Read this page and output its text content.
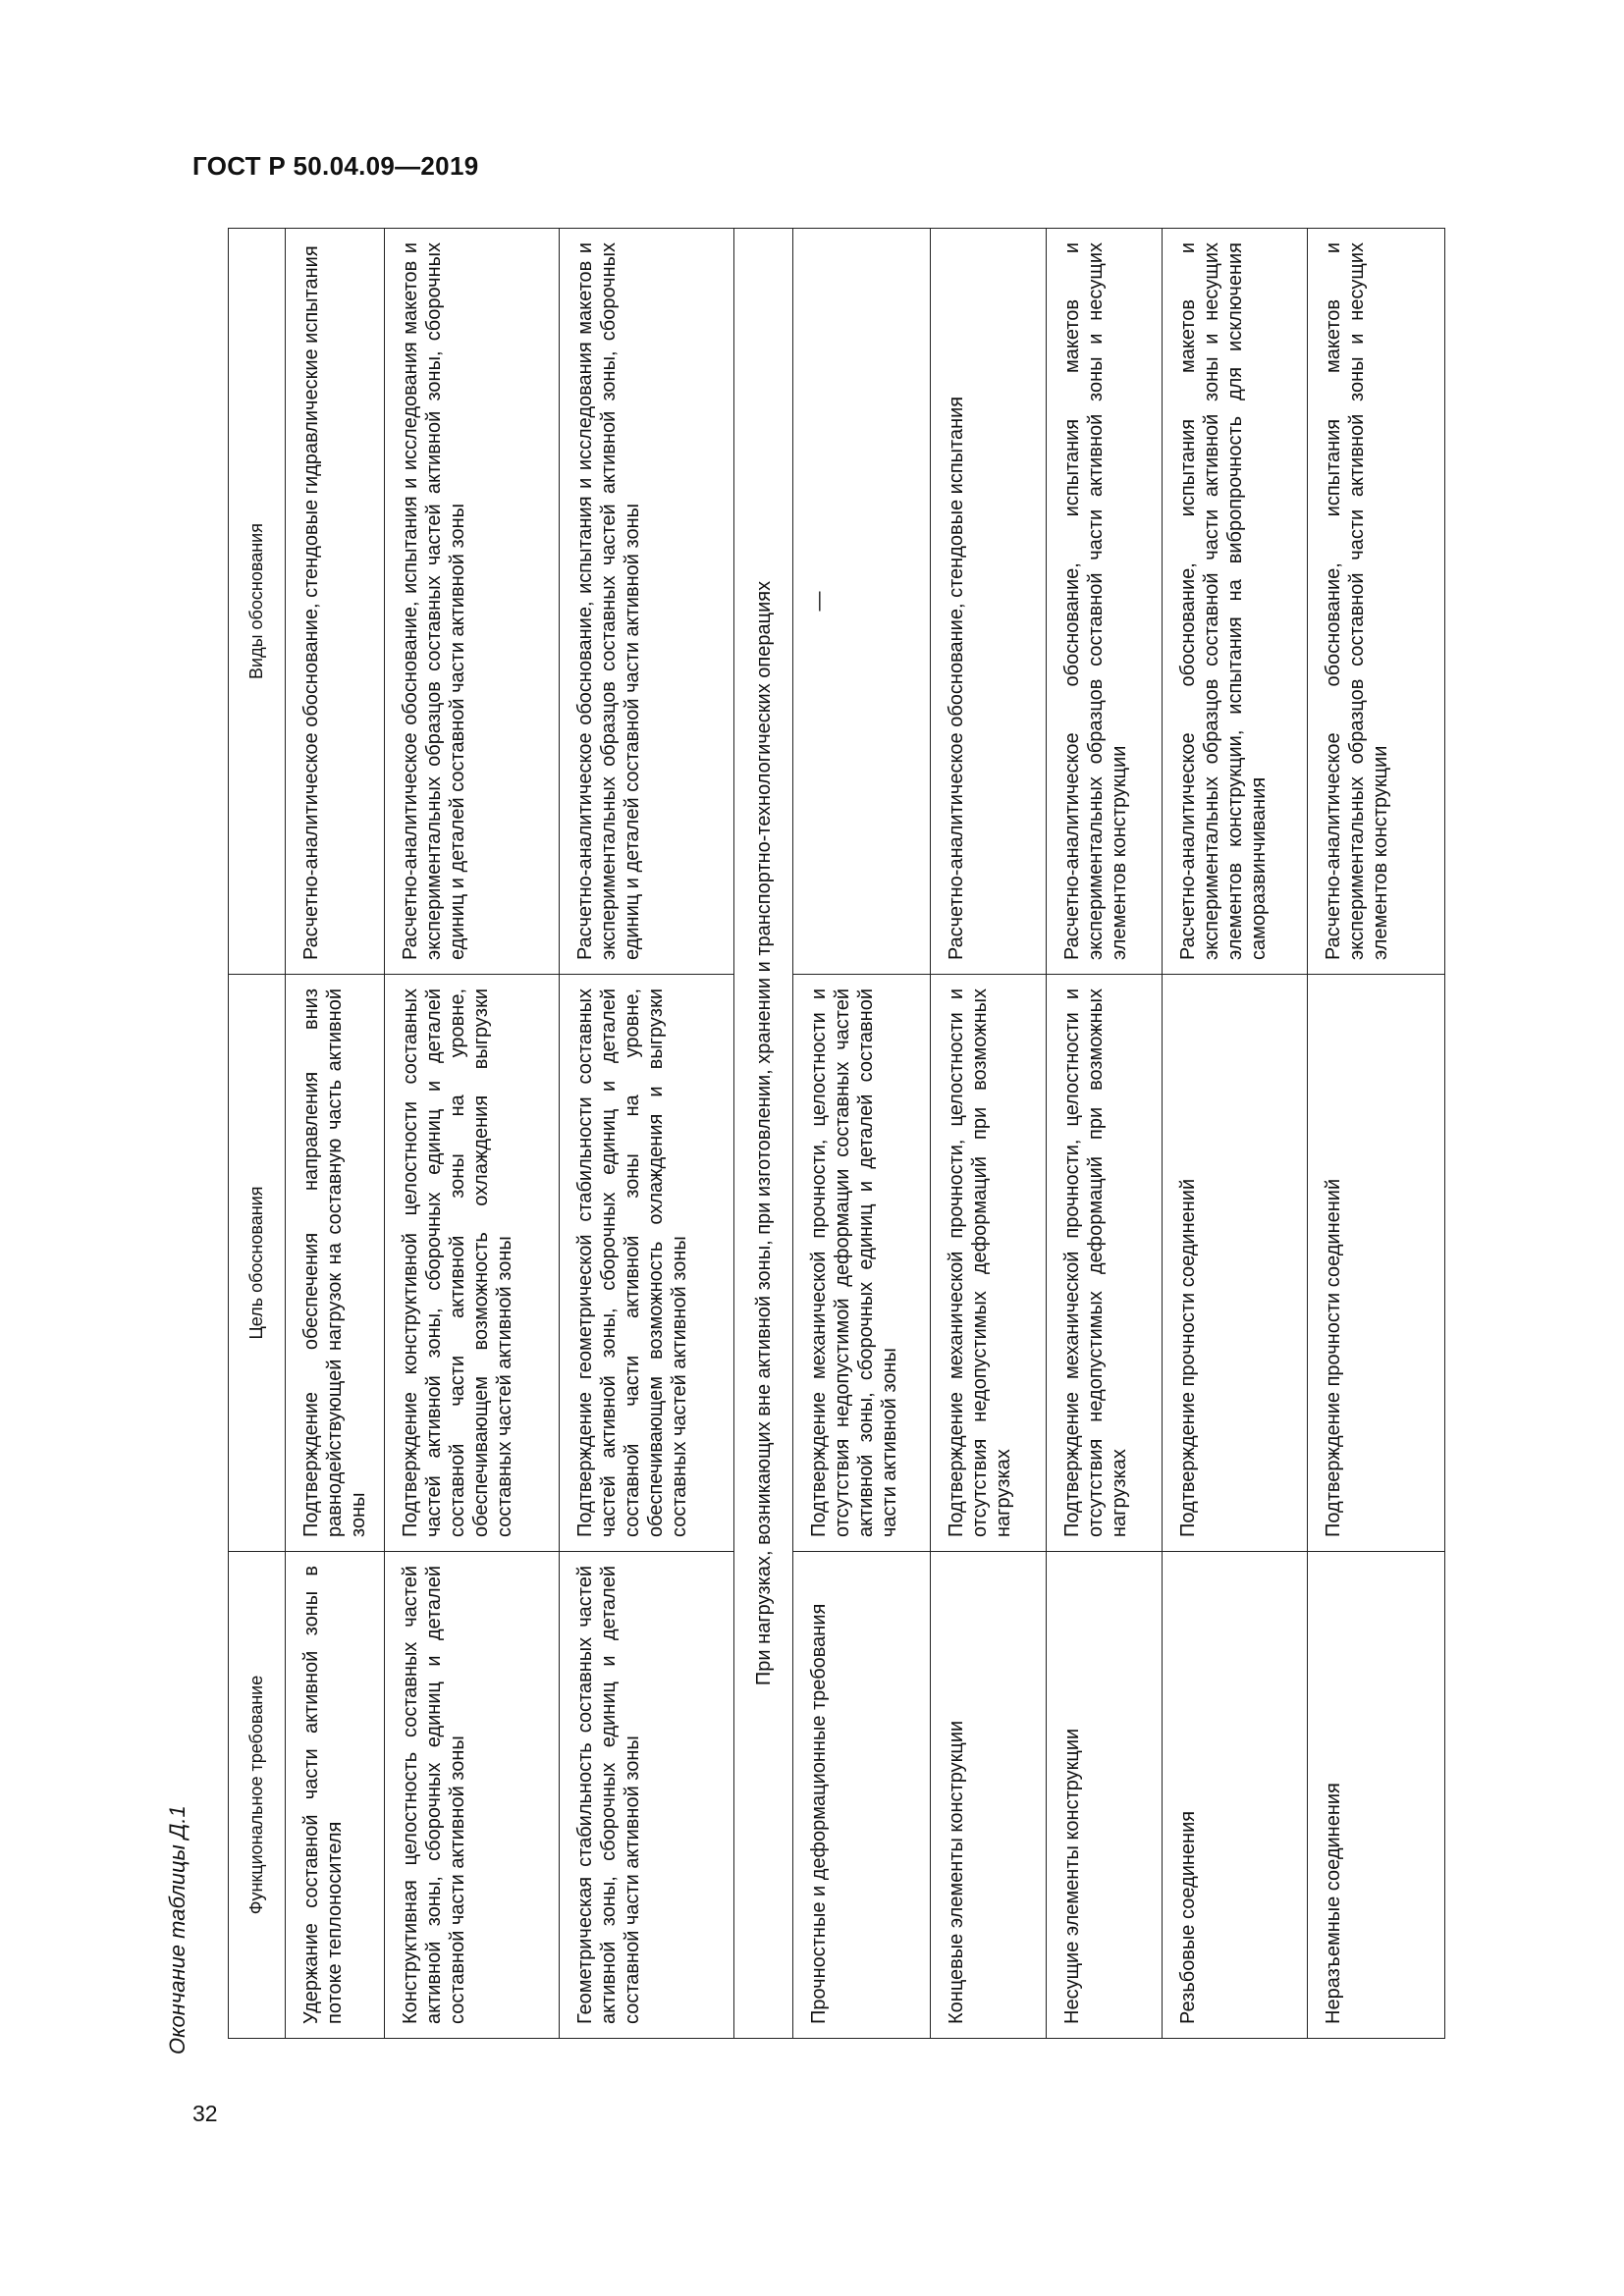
ГОСТ Р 50.04.09—2019
Окончание таблицы Д.1
32
Функциональное требование	Цель обоснования	Виды обоснования
Удержание составной части активной зоны в потоке теплоносителя	Подтверждение обеспечения направления вниз равнодействующей нагрузок на составную часть активной зоны	Расчетно-аналитическое обоснование, стендовые гидравлические испытания
Конструктивная целостность составных частей активной зоны, сборочных единиц и деталей составной части активной зоны	Подтверждение конструктивной целостности составных частей активной зоны, сборочных единиц и деталей составной части активной зоны на уровне, обеспечивающем возможность охлаждения выгрузки составных частей активной зоны	Расчетно-аналитическое обоснование, испытания и исследования макетов и экспериментальных образцов составных частей активной зоны, сборочных единиц и деталей составной части активной зоны
Геометрическая стабильность составных частей активной зоны, сборочных единиц и деталей составной части активной зоны	Подтверждение геометрической стабильности составных частей активной зоны, сборочных единиц и деталей составной части активной зоны на уровне, обеспечивающем возможность охлаждения и выгрузки составных частей активной зоны	Расчетно-аналитическое обоснование, испытания и исследования макетов и экспериментальных образцов составных частей активной зоны, сборочных единиц и деталей составной части активной зоны
При нагрузках, возникающих вне активной зоны, при изготовлении, хранении и транспортно-технологических операциях		
Прочностные и деформационные требования	Подтверждение механической прочности, целостности и отсутствия недопустимой деформации составных частей активной зоны, сборочных единиц и деталей составной части активной зоны	—
Концевые элементы конструкции	Подтверждение механической прочности, целостности и отсутствия недопустимых деформаций при возможных нагрузках	Расчетно-аналитическое обоснование, стендовые испытания
Несущие элементы конструкции	Подтверждение механической прочности, целостности и отсутствия недопустимых деформаций при возможных нагрузках	Расчетно-аналитическое обоснование, испытания макетов и экспериментальных образцов составной части активной зоны и несущих элементов конструкции
Резьбовые соединения	Подтверждение прочности соединений	Расчетно-аналитическое обоснование, испытания макетов и экспериментальных образцов составной части активной зоны и несущих элементов конструкции, испытания на вибропрочность для исключения саморазвинчивания
Неразъемные соединения	Подтверждение прочности соединений	Расчетно-аналитическое обоснование, испытания макетов и экспериментальных образцов составной части активной зоны и несущих элементов конструкции
